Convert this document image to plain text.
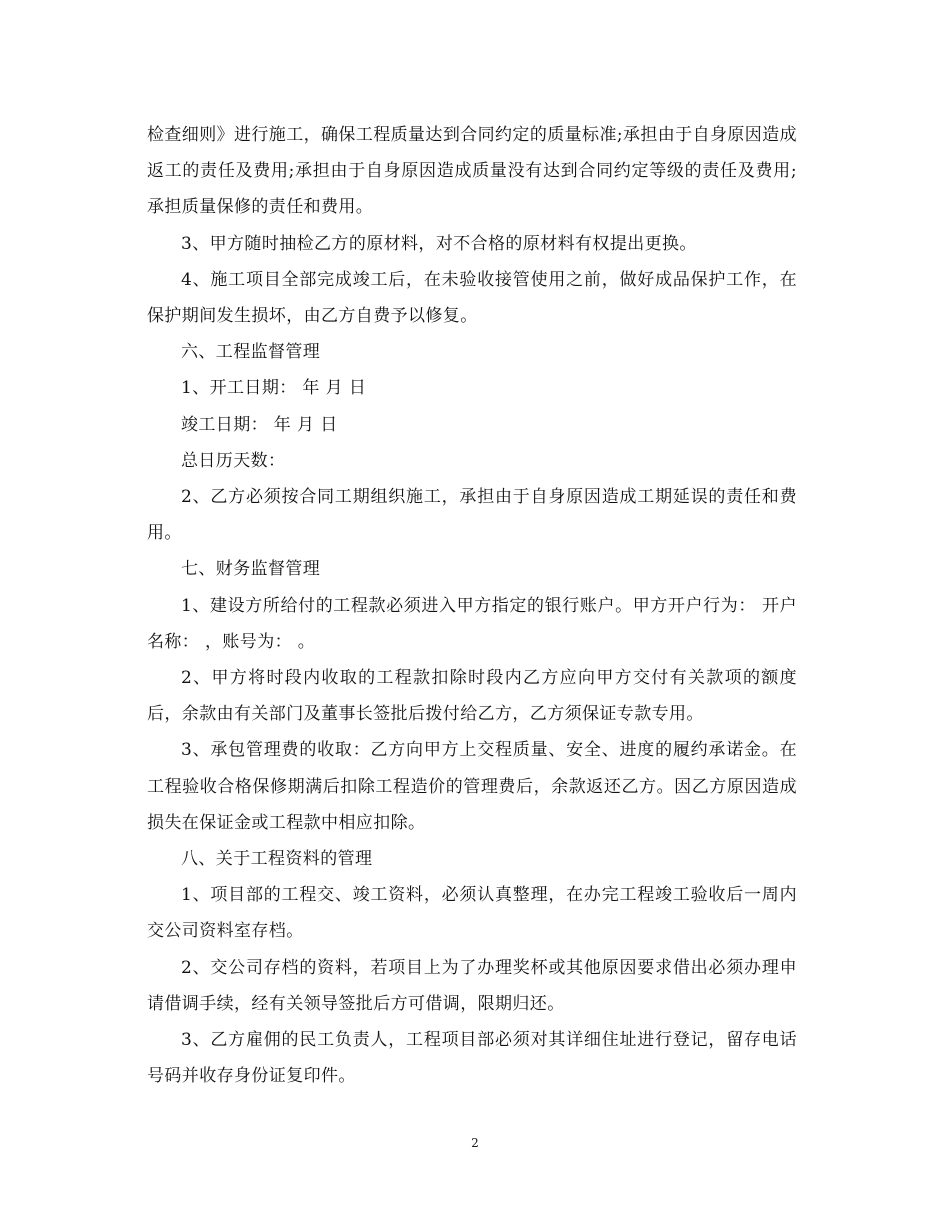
检查细则》进行施工，确保工程质量达到合同约定的质量标准;承担由于自身原因造成返工的责任及费用;承担由于自身原因造成质量没有达到合同约定等级的责任及费用;承担质量保修的责任和费用。

3、甲方随时抽检乙方的原材料，对不合格的原材料有权提出更换。

4、施工项目全部完成竣工后，在未验收接管使用之前，做好成品保护工作，在保护期间发生损坏，由乙方自费予以修复。

六、工程监督管理

1、开工日期： 年 月 日

竣工日期： 年 月 日

总日历天数：

2、乙方必须按合同工期组织施工，承担由于自身原因造成工期延误的责任和费用。

七、财务监督管理

1、建设方所给付的工程款必须进入甲方指定的银行账户。甲方开户行为： 开户名称： ，账号为： 。

2、甲方将时段内收取的工程款扣除时段内乙方应向甲方交付有关款项的额度后，余款由有关部门及董事长签批后拨付给乙方，乙方须保证专款专用。

3、承包管理费的收取：乙方向甲方上交程质量、安全、进度的履约承诺金。在工程验收合格保修期满后扣除工程造价的管理费后，余款返还乙方。因乙方原因造成损失在保证金或工程款中相应扣除。

八、关于工程资料的管理

1、项目部的工程交、竣工资料，必须认真整理，在办完工程竣工验收后一周内交公司资料室存档。

2、交公司存档的资料，若项目上为了办理奖杯或其他原因要求借出必须办理申请借调手续，经有关领导签批后方可借调，限期归还。

3、乙方雇佣的民工负责人，工程项目部必须对其详细住址进行登记，留存电话号码并收存身份证复印件。

2
